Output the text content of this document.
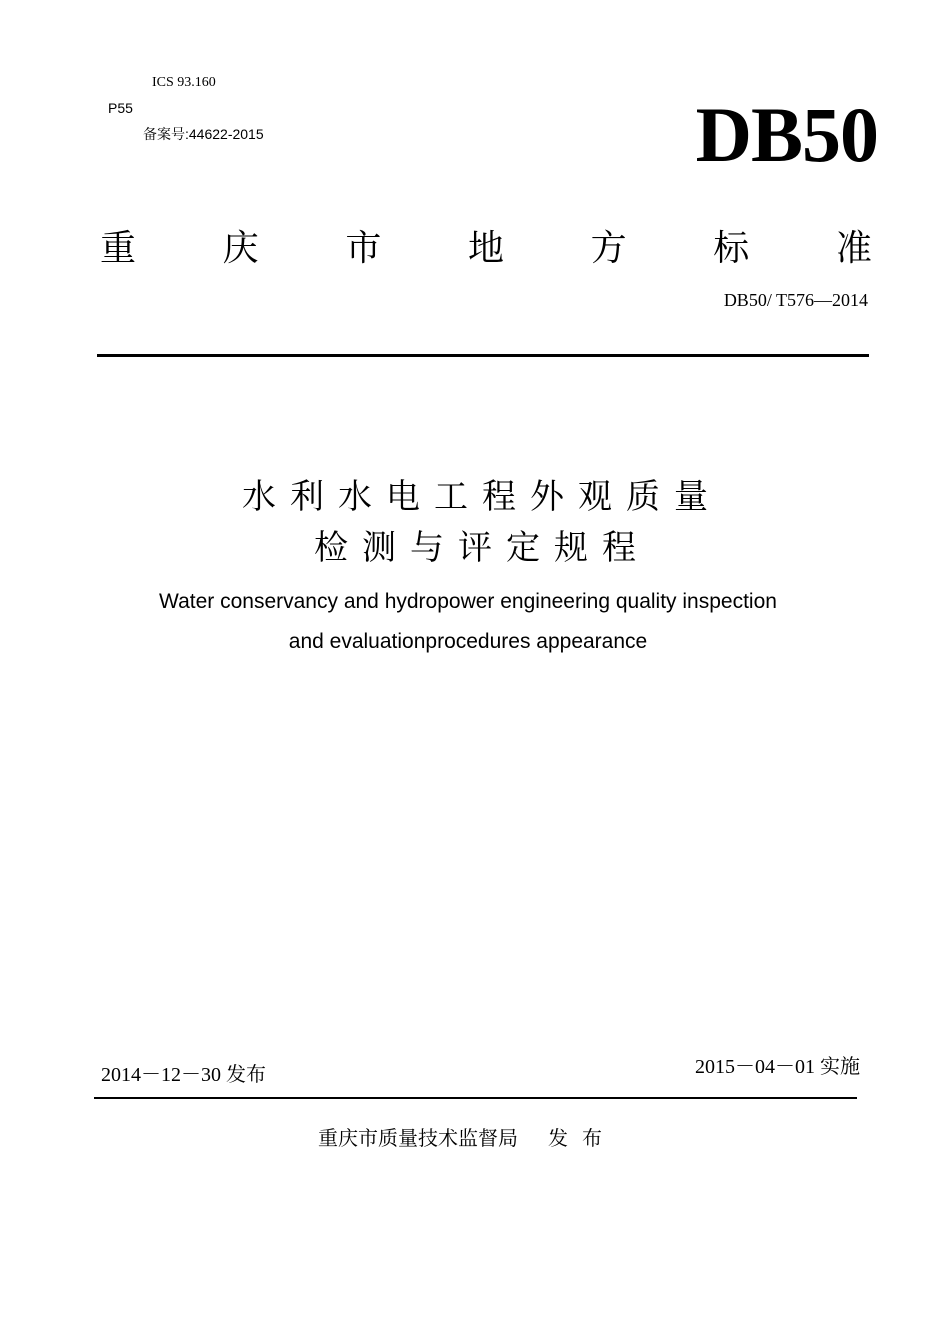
ICS 93.160
P55
备案号:44622-2015	DB50
重 庆 市 地 方 标 准
DB50/ T576—2014
水利水电工程外观质量
检测与评定规程
Water conservancy and hydropower engineering quality inspection
and evaluationprocedures appearance
2014－12－30 发布	2015－04－01 实施
重庆市质量技术监督局 发布
